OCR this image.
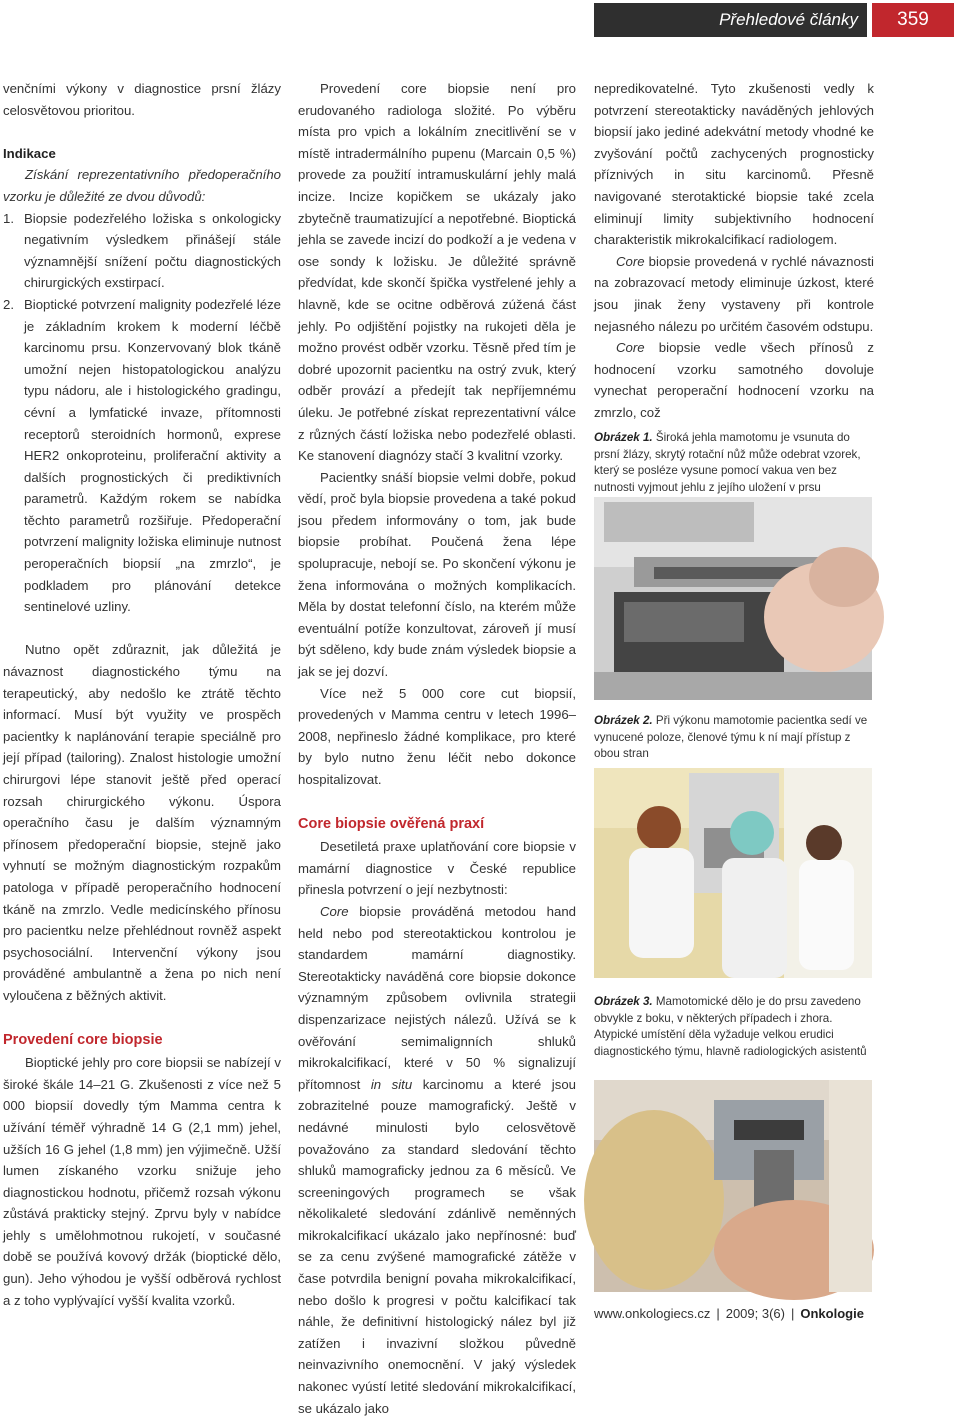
Přehledové články	359

venčními výkony v diagnostice prsní žlázy celosvětovou prioritou.

Indikace

Získání reprezentativního předoperačního vzorku je důležité ze dvou důvodů:

1. Biopsie podezřelého ložiska s onkologicky negativním výsledkem přinášejí stále významnější snížení počtu diagnostických chirurgických exstirpací.
2. Bioptické potvrzení malignity podezřelé léze je základním krokem k moderní léčbě karcinomu prsu. Konzervovaný blok tkáně umožní nejen histopatologickou analýzu typu nádoru, ale i histologického gradingu, cévní a lymfatické invaze, přítomnosti receptorů steroidních hormonů, exprese HER2 onkoproteinu, proliferační aktivity a dalších prognostických či prediktivních parametrů. Každým rokem se nabídka těchto parametrů rozšiřuje. Předoperační potvrzení malignity ložiska eliminuje nutnost peroperačních biopsií „na zmrzlo“, je podkladem pro plánování detekce sentinelové uzliny.

Nutno opět zdůraznit, jak důležitá je návaznost diagnostického týmu na terapeutický, aby nedošlo ke ztrátě těchto informací. Musí být využity ve prospěch pacientky k naplánování terapie speciálně pro její případ (tailoring). Znalost histologie umožní chirurgovi lépe stanovit ještě před operací rozsah chirurgického výkonu. Úspora operačního času je dalším významným přínosem předoperační biopsie, stejně jako vyhnutí se možným diagnostickým rozpakům patologa v případě peroperačního hodnocení tkáně na zmrzlo. Vedle medicínského přínosu pro pacientku nelze přehlédnout rovněž aspekt psychosociální. Intervenční výkony jsou prováděné ambulantně a žena po nich není vyloučena z běžných aktivit.

Provedení core biopsie

Bioptické jehly pro core biopsii se nabízejí v široké škále 14–21 G. Zkušenosti z více než 5 000 biopsií dovedly tým Mamma centra k užívání téměř výhradně 14 G (2,1 mm) jehel, užších 16 G jehel (1,8 mm) jen výjimečně. Užší lumen získaného vzorku snižuje jeho diagnostickou hodnotu, přičemž rozsah výkonu zůstává prakticky stejný. Zprvu byly v nabídce jehly s umělohmotnou rukojetí, v současné době se používá kovový držák (bioptické dělo, gun). Jeho výhodou je vyšší odběrová rychlost a z toho vyplývající vyšší kvalita vzorků.

Provedení core biopsie není pro erudovaného radiologa složité. Po výběru místa pro vpich a lokálním znecitlivění se v místě intradermálního pupenu (Marcain 0,5 %) provede za použití intramuskulární jehly malá incize. Incize kopičkem se ukázaly jako zbytečně traumatizující a nepotřebné. Bioptická jehla se zavede incizí do podkoží a je vedena v ose sondy k ložisku. Je důležité správně předvídat, kde skončí špička vystřelené jehly a hlavně, kde se ocitne odběrová zúžená část jehly. Po odjištění pojistky na rukojeti děla je možno provést odběr vzorku. Těsně před tím je dobré upozornit pacientku na ostrý zvuk, který odběr provází a předejít tak nepříjemnému úleku. Je potřebné získat reprezentativní válce z různých částí ložiska nebo podezřelé oblasti. Ke stanovení diagnózy stačí 3 kvalitní vzorky.

Pacientky snáší biopsie velmi dobře, pokud vědí, proč byla biopsie provedena a také pokud jsou předem informovány o tom, jak bude biopsie probíhat. Poučená žena lépe spolupracuje, nebojí se. Po skončení výkonu je žena informována o možných komplikacích. Měla by dostat telefonní číslo, na kterém může eventuální potíže konzultovat, zároveň jí musí být sděleno, kdy bude znám výsledek biopsie a jak se jej dozví.

Více než 5 000 core cut biopsií, provedených v Mamma centru v letech 1996–2008, nepřineslo žádné komplikace, pro které by bylo nutno ženu léčit nebo dokonce hospitalizovat.

Core biopsie ověřená praxí

Desetiletá praxe uplatňování core biopsie v mamární diagnostice v České republice přinesla potvrzení o její nezbytnosti:

Core biopsie prováděná metodou hand held nebo pod stereotaktickou kontrolou je standardem mamární diagnostiky. Stereotakticky naváděná core biopsie dokonce významným způsobem ovlivnila strategii dispenzarizace nejistých nálezů. Užívá se k ověřování semimalignních shluků mikrokalcifikací, které v 50 % signalizují přítomnost in situ karcinomu a které jsou zobrazitelné pouze mamografický. Ještě v nedávné minulosti bylo celosvětově považováno za standard sledování těchto shluků mamograficky jednou za 6 měsíců. Ve screeningových programech se však několikaleté sledování zdánlivě neměnných mikrokalcifikací ukázalo jako nepřínosné: buď se za cenu zvýšené mamografické zátěže v čase potvrdila benigní povaha mikrokalcifikací, nebo došlo k progresi v počtu kalcifikací tak náhle, že definitivní histologický nález byl již zatížen i invazivní složkou půvedně neinvazivního onemocnění. V jaký výsledek nakonec vyústí letité sledování mikrokalcifikací, se ukázalo jako

nepredikovatelné. Tyto zkušenosti vedly k potvrzení stereotakticky naváděných jehlových biopsií jako jediné adekvátní metody vhodné ke zvyšování počtů zachycených prognosticky příznivých in situ karcinomů. Přesně navigované sterotaktické biopsie také zcela eliminují limity subjektivního hodnocení charakteristik mikrokalcifikací radiologem.

Core biopsie provedená v rychlé návaznosti na zobrazovací metody eliminuje úzkost, které jsou jinak ženy vystaveny při kontrole nejasného nálezu po určitém časovém odstupu.

Core biopsie vedle všech přínosů z hodnocení vzorku samotného dovoluje vynechat peroperační hodnocení vzorku na zmrzlo, což

Obrázek 1. Široká jehla mamotomu je vsunuta do prsní žlázy, skrytý rotační nůž může odebrat vzorek, který se posléze vysune pomocí vakua ven bez nutnosti vyjmout jehlu z jejího uložení v prsu
Obrázek 2. Při výkonu mamotomie pacientka sedí ve vynucené poloze, členové týmu k ní mají přístup z obou stran
Obrázek 3. Mamotomické dělo je do prsu zavedeno obvykle z boku, v některých případech i zhora. Atypické umístění děla vyžaduje velkou erudici diagnostického týmu, hlavně radiologických asistentů
www.onkologiecs.cz | 2009; 3(6) | Onkologie
